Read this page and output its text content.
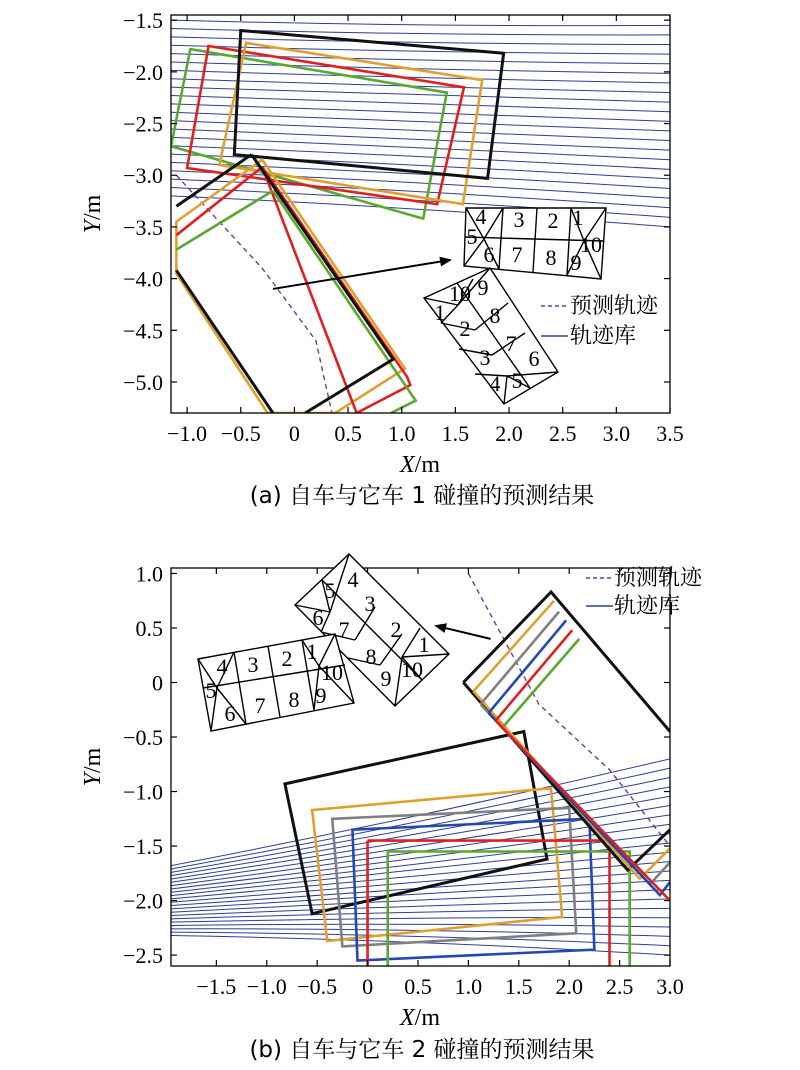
−1.0 −0.5 0 0.5 1.0 1.5 2.0 2.5 3.0 3.5
−1.5
−2.0
−2.5
−3.0
−3.5
−4.0
−4.5
−5.0
X/m
Y/m
(a) 自车与它车 1 碰撞的预测结果
4 3 2 1
5	10
6 7 8 9
10 9
1 8
2
7
3 6
4 5
预测轨迹
轨迹库
−1.5 −1.0 −0.5 0 0.5 1.0 1.5 2.0 2.5 3.0
1.0
0.5
0
−0.5
−1.0
−1.5
−2.0
−2.5
X/m
Y/m
(b) 自车与它车 2 碰撞的预测结果
5 4
6
3
7 2
1
8
9 10
4 3 2 1
5
10
6 7 8 9
预测轨迹
轨迹库
